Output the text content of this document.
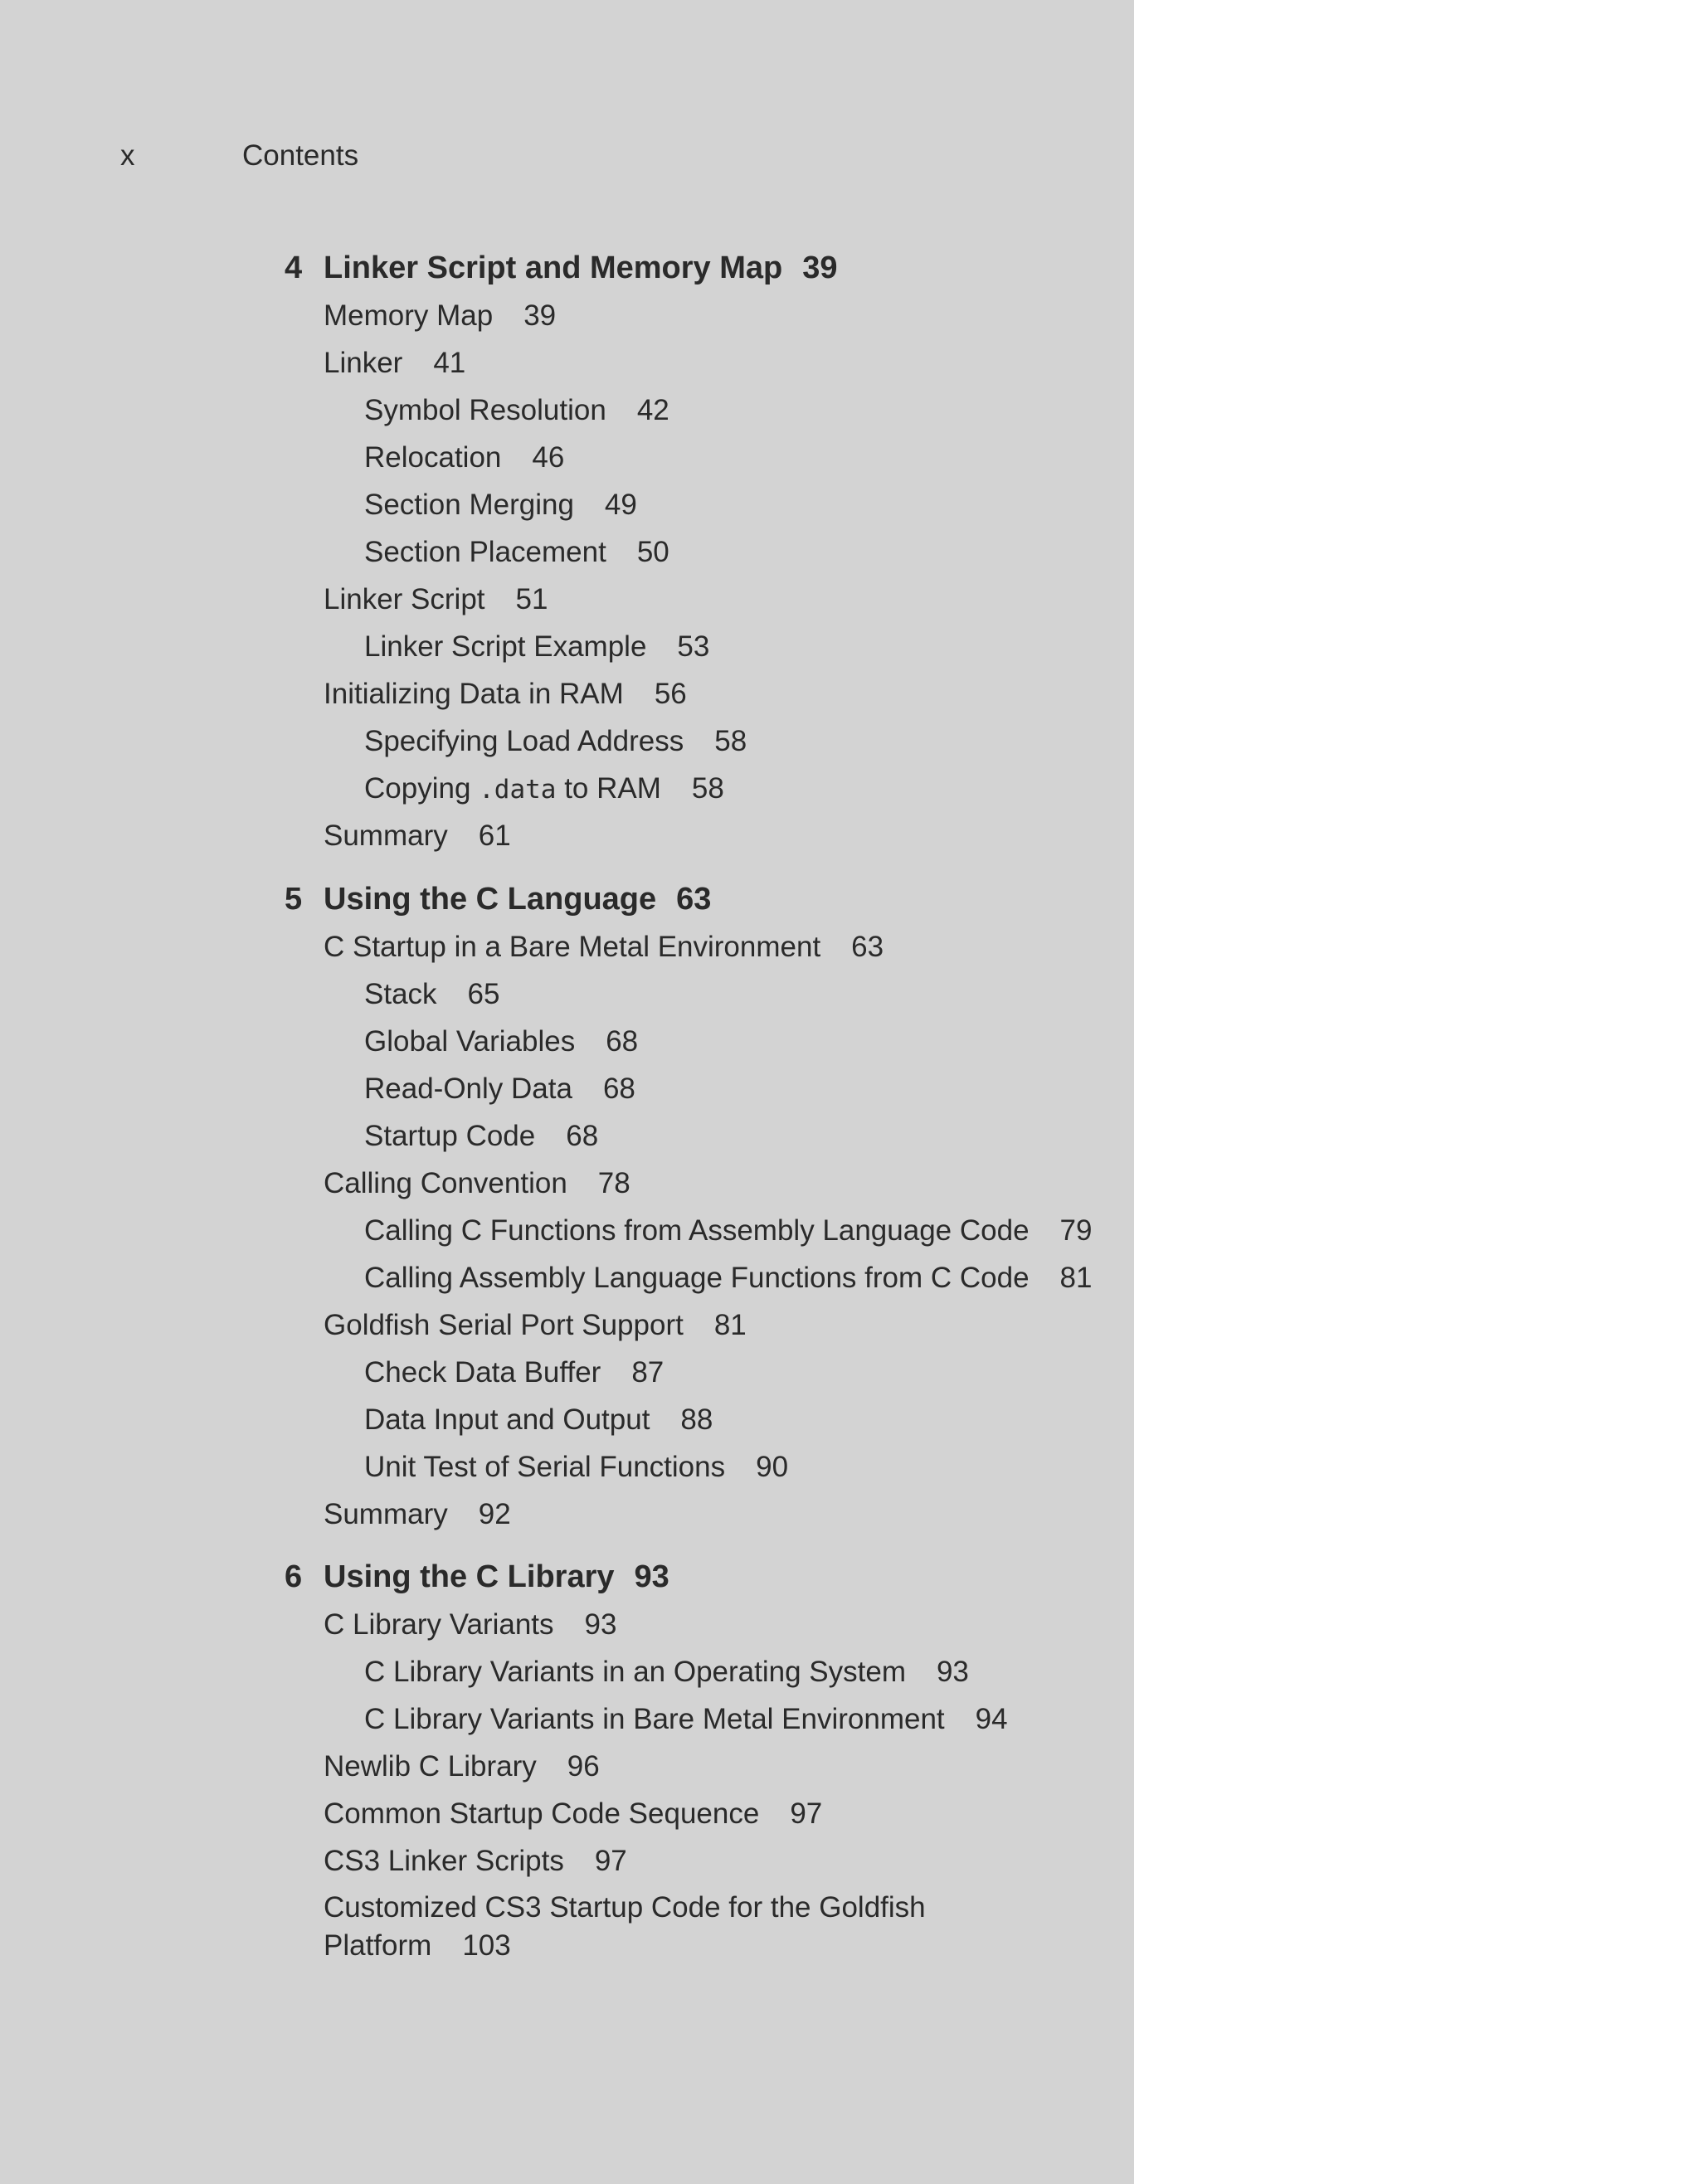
x	Contents
4 Linker Script and Memory Map 39
Memory Map 39
Linker 41
Symbol Resolution 42
Relocation 46
Section Merging 49
Section Placement 50
Linker Script 51
Linker Script Example 53
Initializing Data in RAM 56
Specifying Load Address 58
Copying .data to RAM 58
Summary 61
5 Using the C Language 63
C Startup in a Bare Metal Environment 63
Stack 65
Global Variables 68
Read-Only Data 68
Startup Code 68
Calling Convention 78
Calling C Functions from Assembly Language Code 79
Calling Assembly Language Functions from C Code 81
Goldfish Serial Port Support 81
Check Data Buffer 87
Data Input and Output 88
Unit Test of Serial Functions 90
Summary 92
6 Using the C Library 93
C Library Variants 93
C Library Variants in an Operating System 93
C Library Variants in Bare Metal Environment 94
Newlib C Library 96
Common Startup Code Sequence 97
CS3 Linker Scripts 97
Customized CS3 Startup Code for the Goldfish
Platform 103
